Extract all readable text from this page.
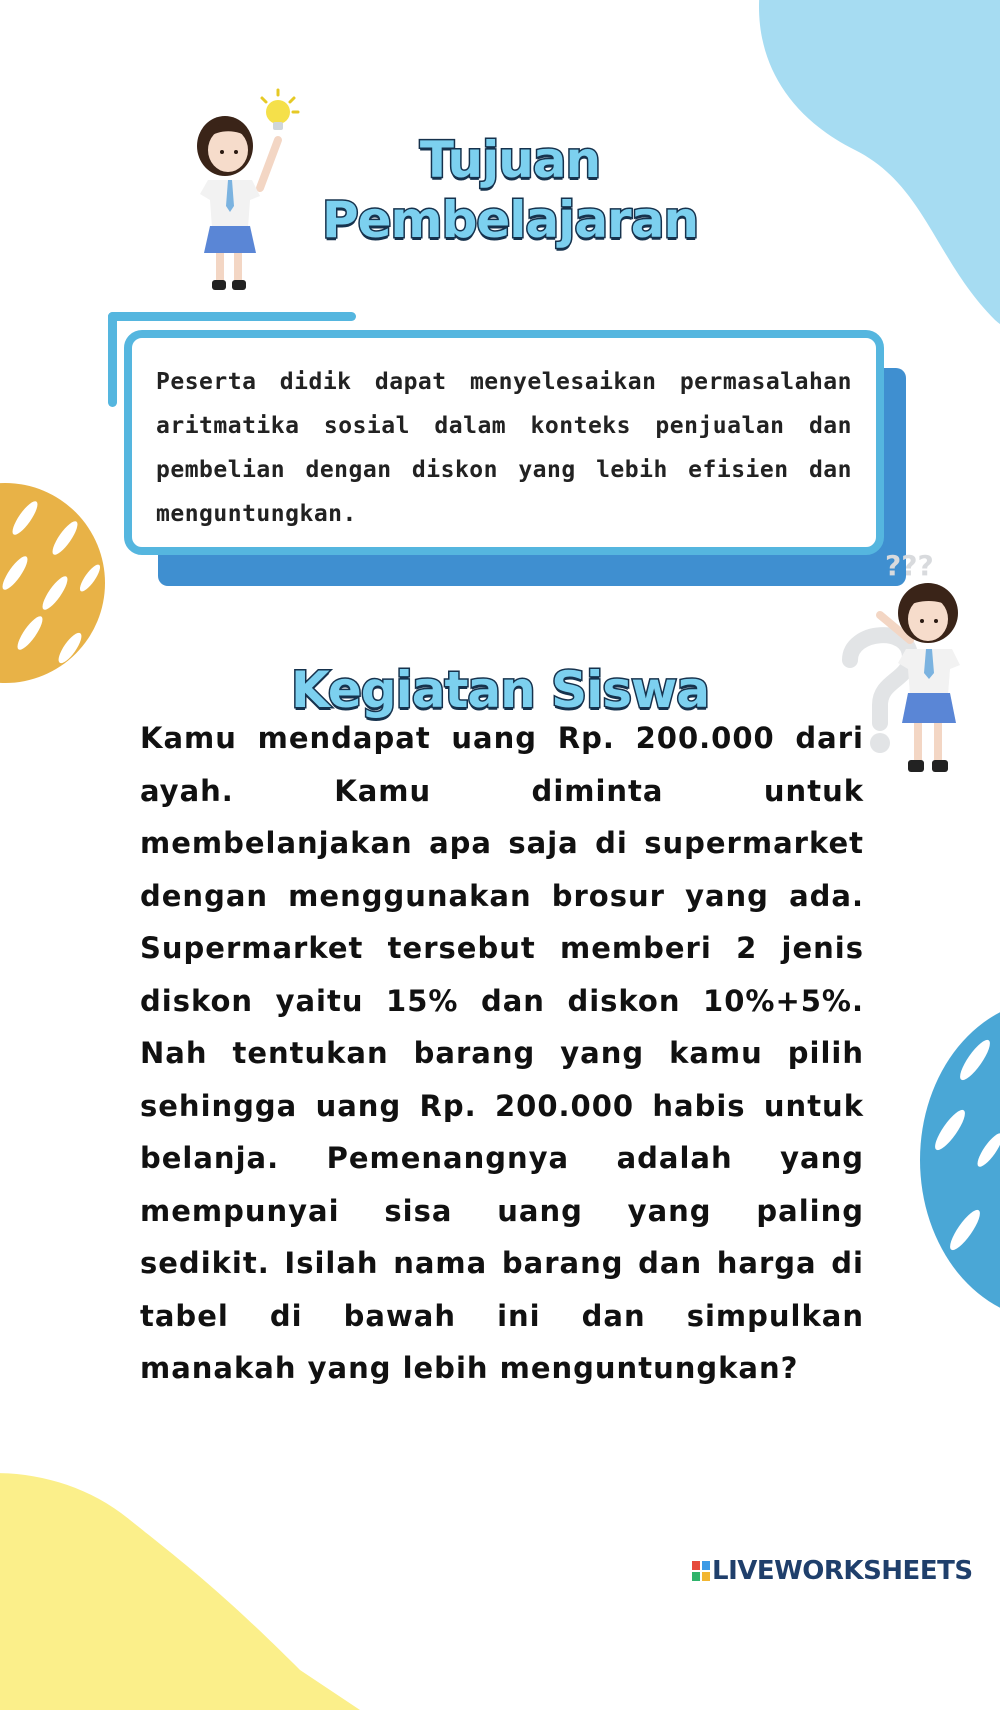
Tujuan
Pembelajaran

Peserta didik dapat menyelesaikan permasalahan aritmatika sosial dalam konteks penjualan dan pembelian dengan diskon yang lebih efisien dan menguntungkan.

???
Kegiatan Siswa

Kamu mendapat uang Rp. 200.000 dari ayah. Kamu diminta untuk membelanjakan apa saja di supermarket dengan menggunakan brosur yang ada. Supermarket tersebut memberi 2 jenis diskon yaitu 15% dan diskon 10%+5%. Nah tentukan barang yang kamu pilih sehingga uang Rp. 200.000 habis untuk belanja. Pemenangnya adalah yang mempunyai sisa uang yang paling sedikit. Isilah nama barang dan harga di tabel di bawah ini dan simpulkan manakah yang lebih menguntungkan?

LIVEWORKSHEETS
